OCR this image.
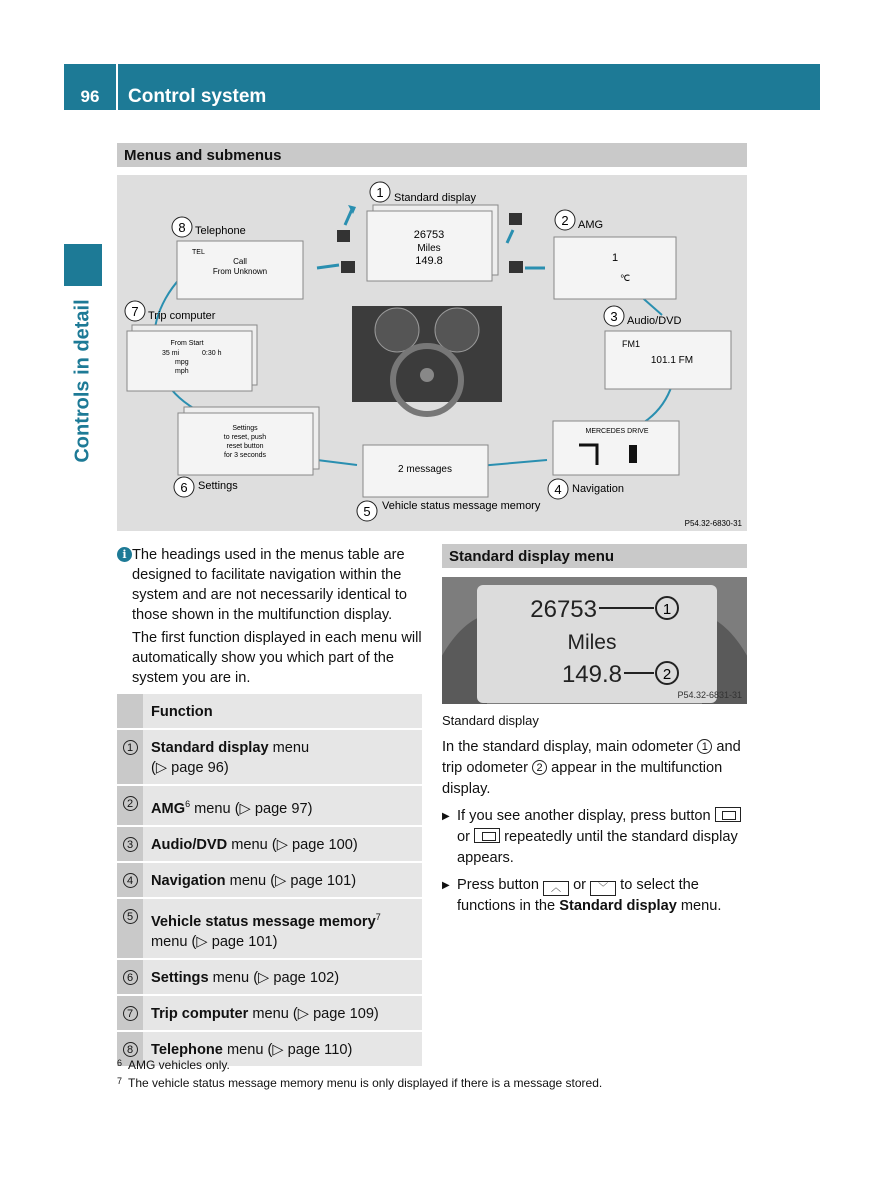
96	Control system
Controls in detail
Menus and submenus
26753
Miles
149.8
1 Standard display
1
℃
2 AMG
FM1
101.1 FM
3 Audio/DVD
MERCEDES DRIVE
4 Navigation
2 messages
5 Vehicle status message memory
Settings
to reset, push
reset button
for 3 seconds
6 Settings
From Start
35 mi	0:30 h
mpg
mph
7 Trip computer
TEL
Call
From Unknown
8 Telephone
P54.32-6830-31
i The headings used in the menus table are designed to facilitate navigation within the system and are not necessarily identical to those shown in the multifunction display.

The first function displayed in each menu will automatically show you which part of the system you are in.

	Function
1	Standard display menu
(▷ page 96)
2	AMG$^6$ menu (▷ page 97)
3	Audio/DVD menu (▷ page 100)
4	Navigation menu (▷ page 101)
5	Vehicle status message memory$^7$
menu (▷ page 101)
6	Settings menu (▷ page 102)
7	Trip computer menu (▷ page 109)
8	Telephone menu (▷ page 110)
Standard display menu
26753	1
Miles
149.8	2
P54.32-6831-31
Standard display

In the standard display, main odometer 1 and trip odometer 2 appear in the multifunction display.

▶ If you see another display, press button
or repeatedly until the standard display appears.

▶ Press button ︿ or ﹀ to select the functions in the Standard display menu.

$^6$ AMG vehicles only.
$^7$ The vehicle status message memory menu is only displayed if there is a message stored.
